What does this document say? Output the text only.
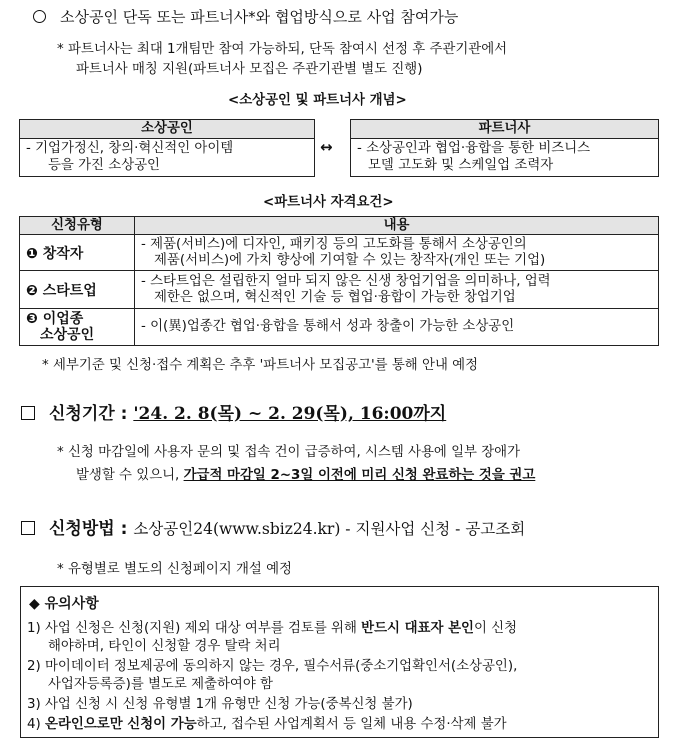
소상공인 단독 또는 파트너사*와 협업방식으로 사업 참여가능
* 파트너사는 최대 1개팀만 참여 가능하되, 단독 참여시 선정 후 주관기관에서
파트너사 매칭 지원(파트너사 모집은 주관기관별 별도 진행)
<소상공인 및 파트너사 개념>
소상공인
- 기업가정신, 창의·혁신적인 아이템
등을 가진 소상공인
↔
파트너사
- 소상공인과 협업·융합을 통한 비즈니스
모델 고도화 및 스케일업 조력자
<파트너사 자격요건>
신청유형	내용
❶ 창작자	- 제품(서비스)에 디자인, 패키징 등의 고도화를 통해서 소상공인의
제품(서비스)에 가치 향상에 기여할 수 있는 창작자(개인 또는 기업)

❷ 스타트업	- 스타트업은 설립한지 얼마 되지 않은 신생 창업기업을 의미하나, 업력
제한은 없으며, 혁신적인 기술 등 협업·융합이 가능한 창업기업

❸ 이업종
소상공인	- 이(異)업종간 협업·융합을 통해서 성과 창출이 가능한 소상공인
* 세부기준 및 신청·접수 계획은 추후 '파트너사 모집공고'를 통해 안내 예정
신청기간 : '24. 2. 8(목) ~ 2. 29(목), 16:00까지
* 신청 마감일에 사용자 문의 및 접속 건이 급증하여, 시스템 사용에 일부 장애가
발생할 수 있으니, 가급적 마감일 2~3일 이전에 미리 신청 완료하는 것을 권고
신청방법 : 소상공인24(www.sbiz24.kr) - 지원사업 신청 - 공고조회
* 유형별로 별도의 신청페이지 개설 예정
◆ 유의사항
1) 사업 신청은 신청(지원) 제외 대상 여부를 검토를 위해 반드시 대표자 본인이 신청
해야하며, 타인이 신청할 경우 탈락 처리
2) 마이데이터 정보제공에 동의하지 않는 경우, 필수서류(중소기업확인서(소상공인),
사업자등록증)를 별도로 제출하여야 함
3) 사업 신청 시 신청 유형별 1개 유형만 신청 가능(중복신청 불가)
4) 온라인으로만 신청이 가능하고, 접수된 사업계획서 등 일체 내용 수정·삭제 불가
